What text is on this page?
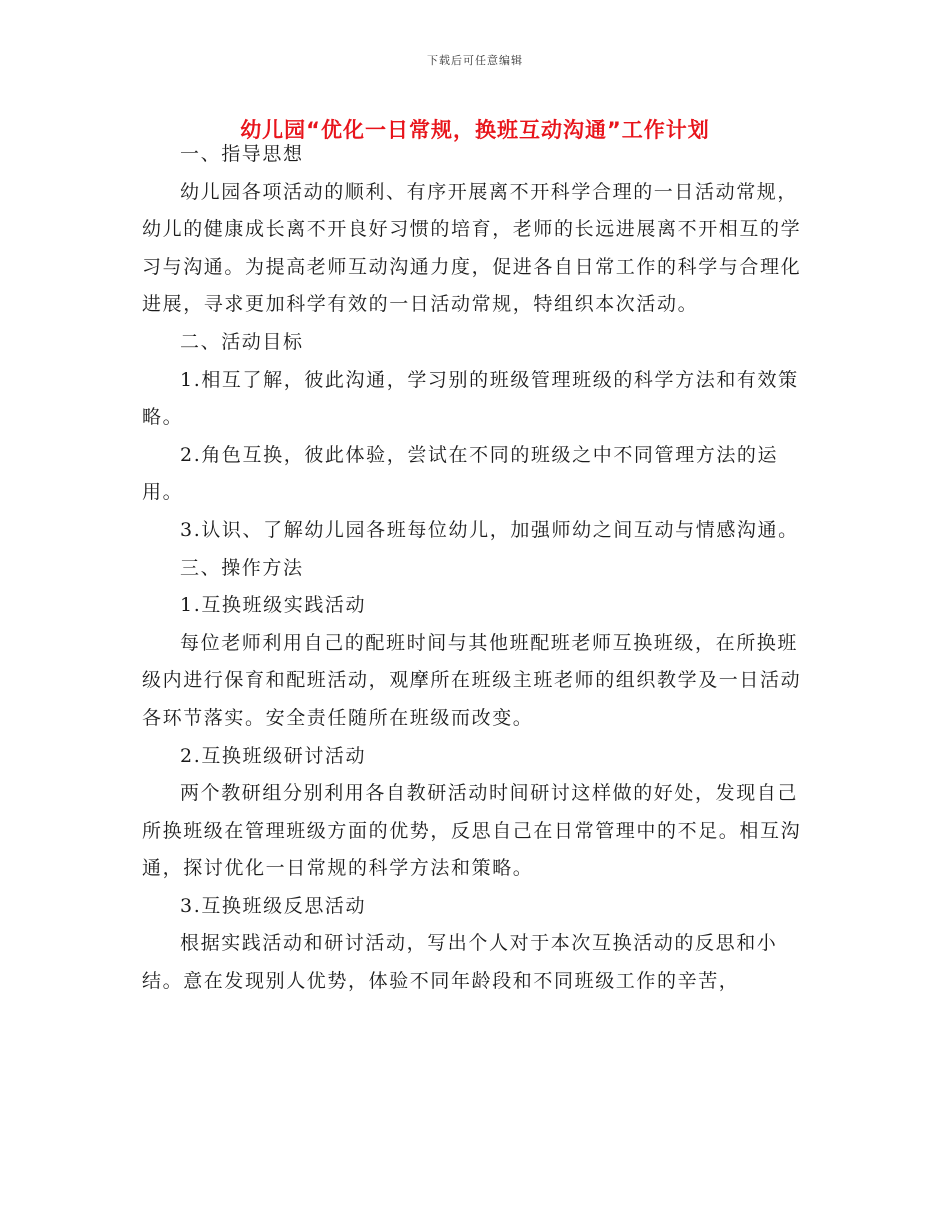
下载后可任意编辑
幼儿园“优化一日常规，换班互动沟通”工作计划

一、指导思想

幼儿园各项活动的顺利、有序开展离不开科学合理的一日活动常规，幼儿的健康成长离不开良好习惯的培育，老师的长远进展离不开相互的学习与沟通。为提高老师互动沟通力度，促进各自日常工作的科学与合理化进展，寻求更加科学有效的一日活动常规，特组织本次活动。

二、活动目标

1.相互了解，彼此沟通，学习别的班级管理班级的科学方法和有效策略。

2.角色互换，彼此体验，尝试在不同的班级之中不同管理方法的运用。

3.认识、了解幼儿园各班每位幼儿，加强师幼之间互动与情感沟通。

三、操作方法

1.互换班级实践活动

每位老师利用自己的配班时间与其他班配班老师互换班级，在所换班级内进行保育和配班活动，观摩所在班级主班老师的组织教学及一日活动各环节落实。安全责任随所在班级而改变。

2.互换班级研讨活动

两个教研组分别利用各自教研活动时间研讨这样做的好处，发现自己所换班级在管理班级方面的优势，反思自己在日常管理中的不足。相互沟通，探讨优化一日常规的科学方法和策略。

3.互换班级反思活动

根据实践活动和研讨活动，写出个人对于本次互换活动的反思和小结。意在发现别人优势，体验不同年龄段和不同班级工作的辛苦，
